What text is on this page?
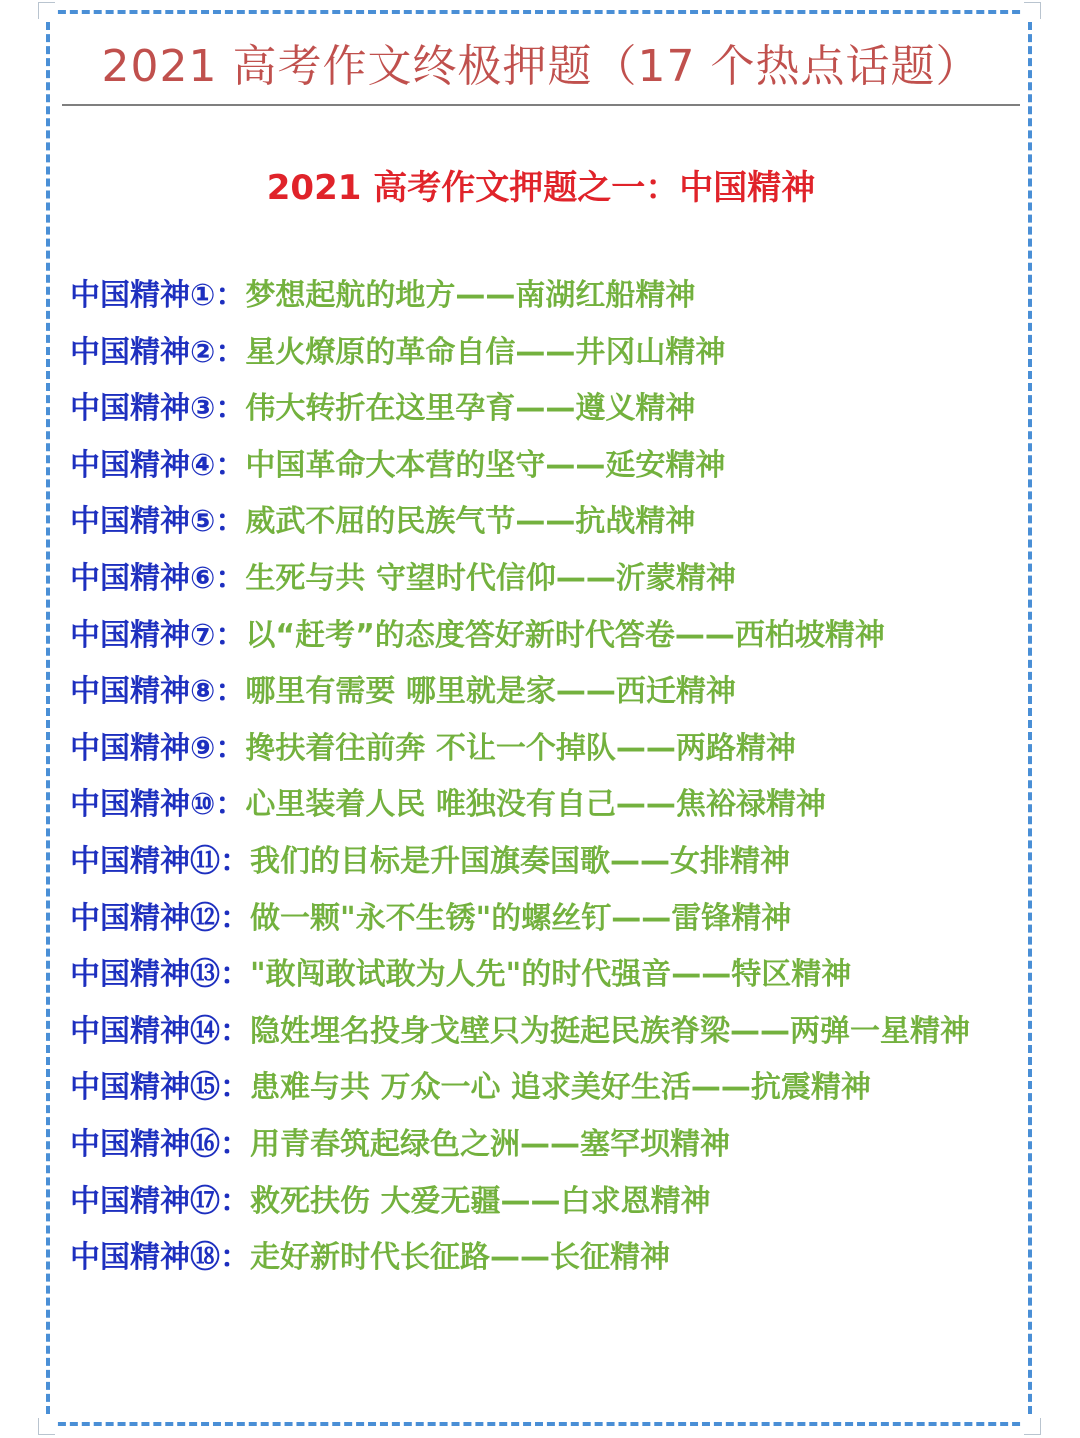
2021 高考作文终极押题（17 个热点话题）
2021 高考作文押题之一：中国精神
中国精神①：梦想起航的地方——南湖红船精神
中国精神②：星火燎原的革命自信——井冈山精神
中国精神③：伟大转折在这里孕育——遵义精神
中国精神④：中国革命大本营的坚守——延安精神
中国精神⑤：威武不屈的民族气节——抗战精神
中国精神⑥：生死与共 守望时代信仰——沂蒙精神
中国精神⑦：以“赶考”的态度答好新时代答卷——西柏坡精神
中国精神⑧：哪里有需要 哪里就是家——西迁精神
中国精神⑨：搀扶着往前奔 不让一个掉队——两路精神
中国精神⑩：心里装着人民 唯独没有自己——焦裕禄精神
中国精神⑪：我们的目标是升国旗奏国歌——女排精神
中国精神⑫：做一颗"永不生锈"的螺丝钉——雷锋精神
中国精神⑬："敢闯敢试敢为人先"的时代强音——特区精神
中国精神⑭：隐姓埋名投身戈壁只为挺起民族脊梁——两弹一星精神
中国精神⑮：患难与共 万众一心 追求美好生活——抗震精神
中国精神⑯：用青春筑起绿色之洲——塞罕坝精神
中国精神⑰：救死扶伤 大爱无疆——白求恩精神
中国精神⑱：走好新时代长征路——长征精神
